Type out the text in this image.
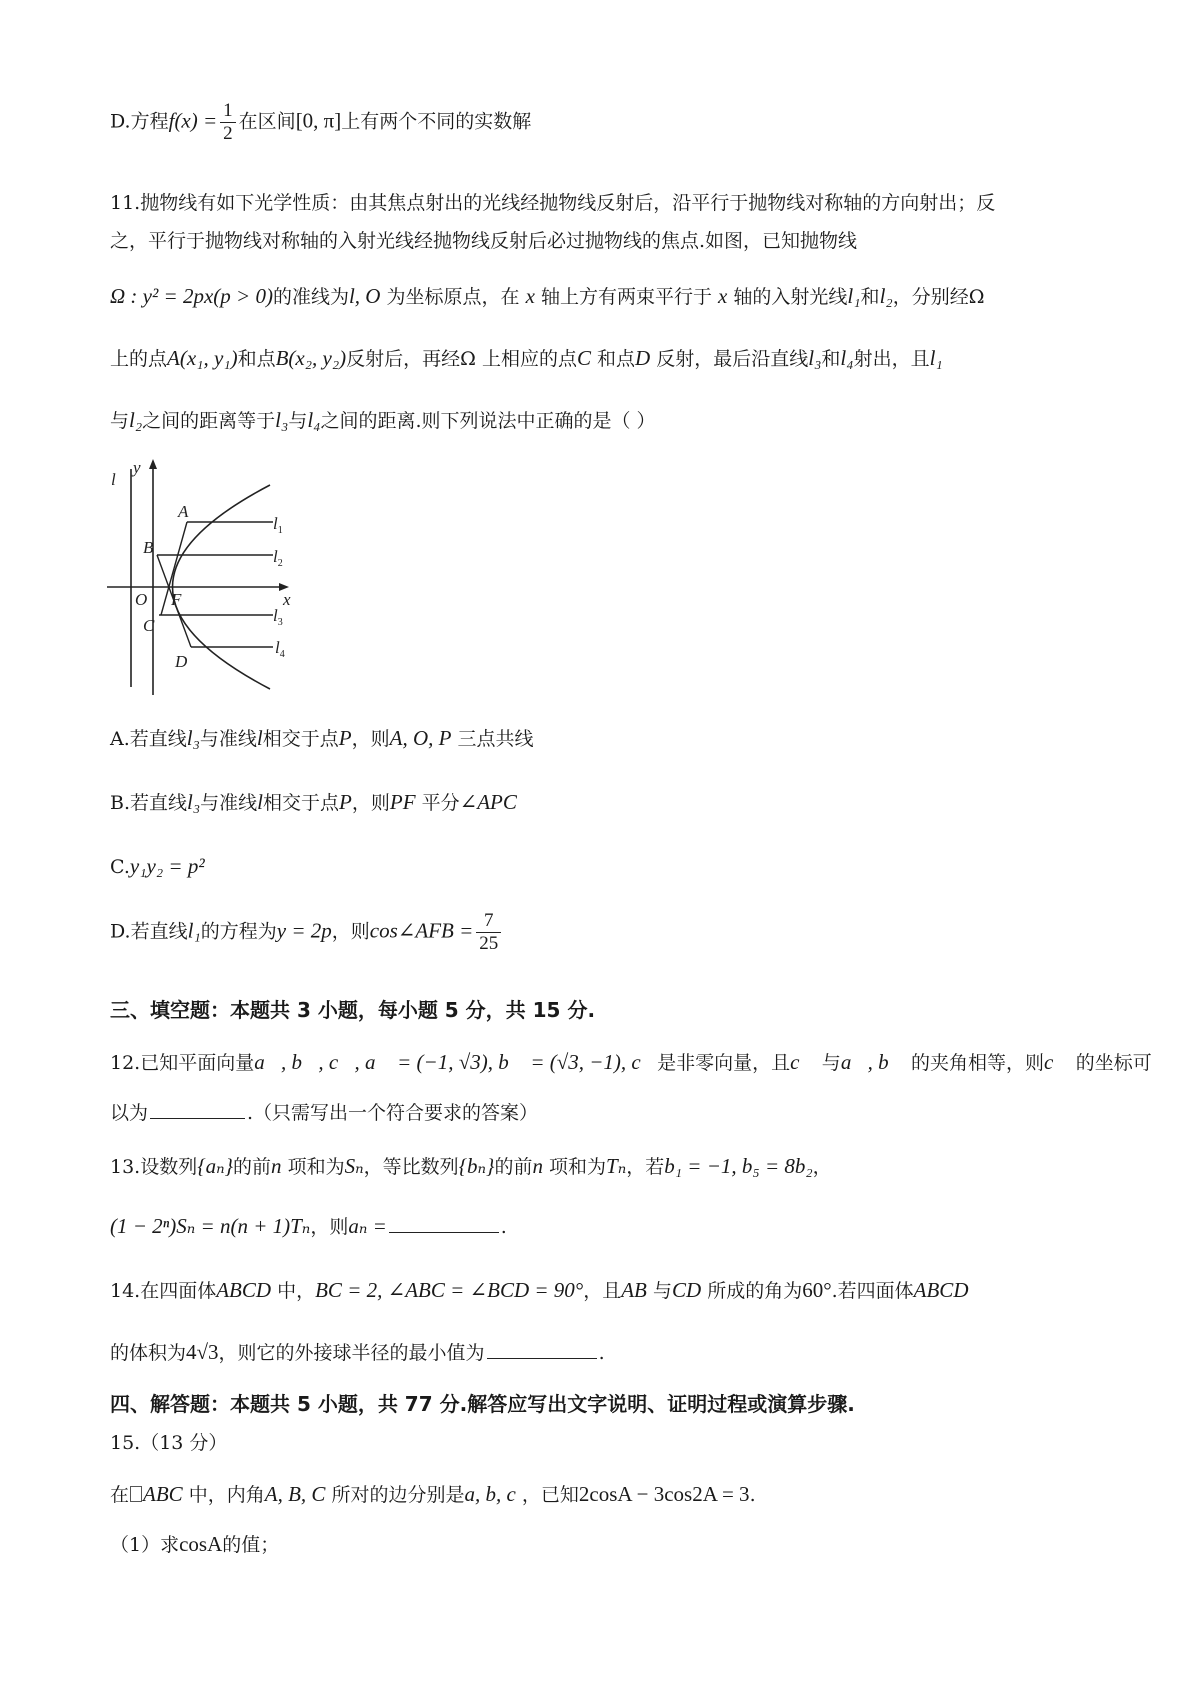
D.方程$f(x) = \frac{1}{2}$ 在区间[0, π]上有两个不同的实数解
11.抛物线有如下光学性质：由其焦点射出的光线经抛物线反射后，沿平行于抛物线对称轴的方向射出；反
之，平行于抛物线对称轴的入射光线经抛物线反射后必过抛物线的焦点.如图，已知抛物线
Ω : y² = 2px(p > 0)的准线为l, O 为坐标原点，在 x 轴上方有两束平行于 x 轴的入射光线l₁和l₂，分别经Ω
上的点A(x₁, y₁)和点B(x₂, y₂)反射后，再经Ω 上相应的点C 和点D 反射，最后沿直线l₃和l₄射出，且l₁
与l₂之间的距离等于l₃与l₄之间的距离.则下列说法中正确的是（ ）
l
y
x
O F
A
B
C
D
$l_1$
$l_2$
$l_3$
$l_4$
A.若直线l₃与准线l相交于点P，则A, O, P 三点共线
B.若直线l₃与准线l相交于点P，则PF 平分∠APC
C.y₁y₂ = p²
D.若直线l₁的方程为y = 2p，则cos∠AFB = $\frac{7}{25}$
三、填空题：本题共 3 小题，每小题 5 分，共 15 分.
12.已知平面向量a⃗, b⃗, c⃗, a⃗ = (−1, √3), b⃗ = (√3, −1), c⃗是非零向量，且c⃗ 与a⃗, b⃗ 的夹角相等，则c⃗ 的坐标可
以为	.（只需写出一个符合要求的答案）
13.设数列{aₙ}的前n 项和为Sₙ，等比数列{bₙ}的前n 项和为Tₙ，若b₁ = −1, b₅ = 8b₂，
(1 − 2ⁿ)Sₙ = n(n + 1)Tₙ，则aₙ =	.
14.在四面体ABCD 中，BC = 2, ∠ABC = ∠BCD = 90°，且AB 与CD 所成的角为60°.若四面体ABCD
的体积为4√3，则它的外接球半径的最小值为	.
四、解答题：本题共 5 小题，共 77 分.解答应写出文字说明、证明过程或演算步骤.
15.（13 分）
在 ABC 中，内角A, B, C 所对的边分别是a, b, c ，已知2cosA − 3cos2A = 3.
（1）求cosA的值；
